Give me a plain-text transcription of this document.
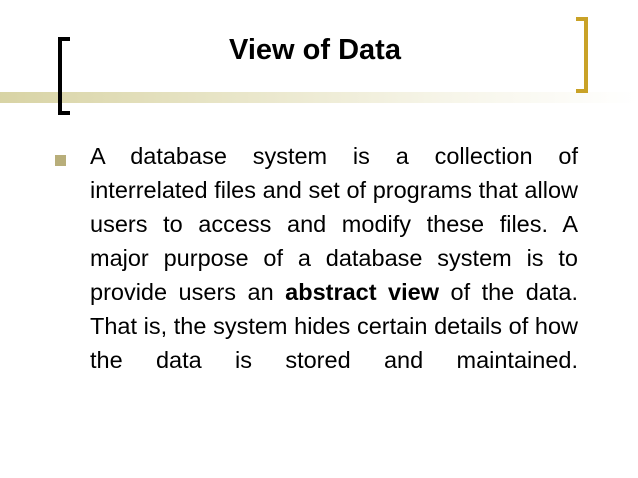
View of Data

A database system is a collection of interrelated files and set of programs that allow users to access and modify these files. A major purpose of a database system is to provide users an abstract view of the data. That is, the system hides certain details of how the data is stored and maintained.
